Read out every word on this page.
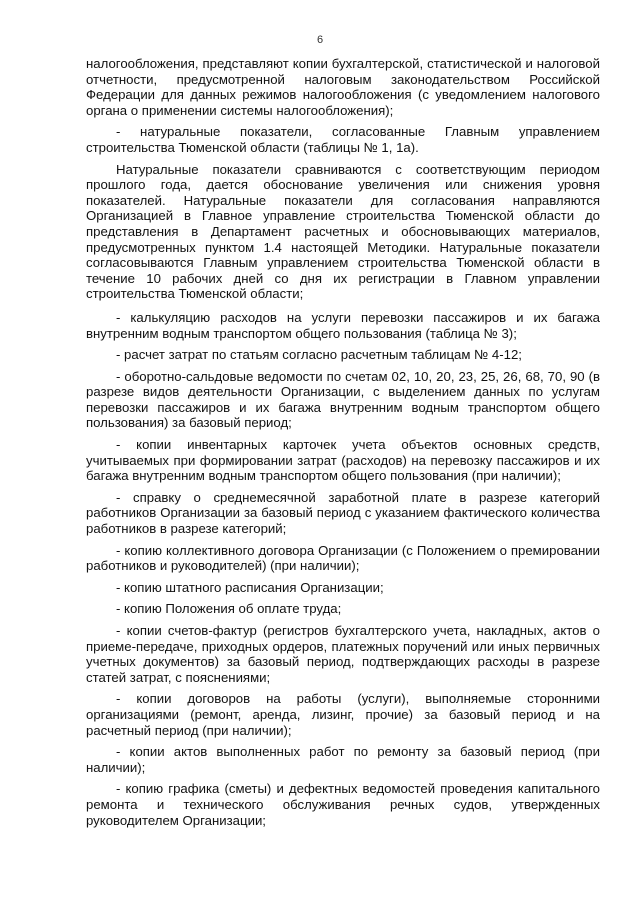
6

налогообложения, представляют копии бухгалтерской, статистической и налоговой отчетности, предусмотренной налоговым законодательством Российской Федерации для данных режимов налогообложения (с уведомлением налогового органа о применении системы налогообложения);

- натуральные показатели, согласованные Главным управлением строительства Тюменской области (таблицы № 1, 1а).

Натуральные показатели сравниваются с соответствующим периодом прошлого года, дается обоснование увеличения или снижения уровня показателей. Натуральные показатели для согласования направляются Организацией в Главное управление строительства Тюменской области до представления в Департамент расчетных и обосновывающих материалов, предусмотренных пунктом 1.4 настоящей Методики. Натуральные показатели согласовываются Главным управлением строительства Тюменской области в течение 10 рабочих дней со дня их регистрации в Главном управлении строительства Тюменской области;

- калькуляцию расходов на услуги перевозки пассажиров и их багажа внутренним водным транспортом общего пользования (таблица № 3);

- расчет затрат по статьям согласно расчетным таблицам № 4-12;

- оборотно-сальдовые ведомости по счетам 02, 10, 20, 23, 25, 26, 68, 70, 90 (в разрезе видов деятельности Организации, с выделением данных по услугам перевозки пассажиров и их багажа внутренним водным транспортом общего пользования) за базовый период;

- копии инвентарных карточек учета объектов основных средств, учитываемых при формировании затрат (расходов) на перевозку пассажиров и их багажа внутренним водным транспортом общего пользования (при наличии);

- справку о среднемесячной заработной плате в разрезе категорий работников Организации за базовый период с указанием фактического количества работников в разрезе категорий;

- копию коллективного договора Организации (с Положением о премировании работников и руководителей) (при наличии);

- копию штатного расписания Организации;

- копию Положения об оплате труда;

- копии счетов-фактур (регистров бухгалтерского учета, накладных, актов о приеме-передаче, приходных ордеров, платежных поручений или иных первичных учетных документов) за базовый период, подтверждающих расходы в разрезе статей затрат, с пояснениями;

- копии договоров на работы (услуги), выполняемые сторонними организациями (ремонт, аренда, лизинг, прочие) за базовый период и на расчетный период (при наличии);

- копии актов выполненных работ по ремонту за базовый период (при наличии);

- копию графика (сметы) и дефектных ведомостей проведения капитального ремонта и технического обслуживания речных судов, утвержденных руководителем Организации;
